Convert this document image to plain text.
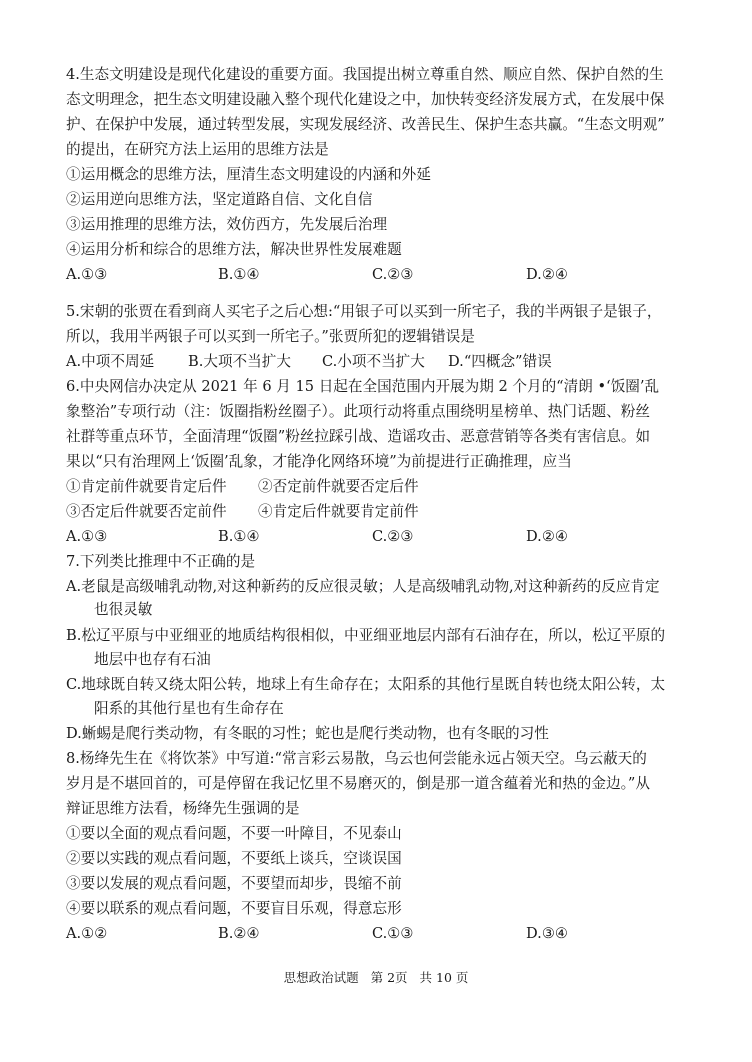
4.生态文明建设是现代化建设的重要方面。我国提出树立尊重自然、顺应自然、保护自然的生
态文明理念，把生态文明建设融入整个现代化建设之中，加快转变经济发展方式，在发展中保
护、在保护中发展，通过转型发展，实现发展经济、改善民生、保护生态共赢。“生态文明观”
的提出，在研究方法上运用的思维方法是
①运用概念的思维方法，厘清生态文明建设的内涵和外延
②运用逆向思维方法，坚定道路自信、文化自信
③运用推理的思维方法，效仿西方，先发展后治理
④运用分析和综合的思维方法，解决世界性发展难题
A.①③	B.①④	C.②③	D.②④
5.宋朝的张贾在看到商人买宅子之后心想:“用银子可以买到一所宅子，我的半两银子是银子，
所以，我用半两银子可以买到一所宅子。”张贾所犯的逻辑错误是
A.中项不周延 B.大项不当扩大 C.小项不当扩大 D.“四概念”错误
6.中央网信办决定从 2021 年 6 月 15 日起在全国范围内开展为期 2 个月的“清朗 •‘饭圈’乱
象整治”专项行动（注：饭圈指粉丝圈子）。此项行动将重点围绕明星榜单、热门话题、粉丝
社群等重点环节，全面清理“饭圈”粉丝拉踩引战、造谣攻击、恶意营销等各类有害信息。如
果以“只有治理网上‘饭圈’乱象，才能净化网络环境”为前提进行正确推理，应当
①肯定前件就要肯定后件 ②否定前件就要否定后件
③否定后件就要否定前件 ④肯定后件就要肯定前件
A.①③	B.①④	C.②③	D.②④
7.下列类比推理中不正确的是
A.老鼠是高级哺乳动物,对这种新药的反应很灵敏；人是高级哺乳动物,对这种新药的反应肯定
也很灵敏
B.松辽平原与中亚细亚的地质结构很相似，中亚细亚地层内部有石油存在，所以，松辽平原的
地层中也存有石油
C.地球既自转又绕太阳公转，地球上有生命存在；太阳系的其他行星既自转也绕太阳公转，太
阳系的其他行星也有生命存在
D.蜥蜴是爬行类动物，有冬眠的习性；蛇也是爬行类动物，也有冬眠的习性
8.杨绛先生在《将饮茶》中写道:“常言彩云易散，乌云也何尝能永远占领天空。乌云蔽天的
岁月是不堪回首的，可是停留在我记忆里不易磨灭的，倒是那一道含蕴着光和热的金边。”从
辩证思维方法看，杨绛先生强调的是
①要以全面的观点看问题，不要一叶障目，不见泰山
②要以实践的观点看问题，不要纸上谈兵，空谈误国
③要以发展的观点看问题，不要望而却步，畏缩不前
④要以联系的观点看问题，不要盲目乐观，得意忘形
A.①②	B.②④	C.①③	D.③④
思想政治试题 第 2页 共 10 页
